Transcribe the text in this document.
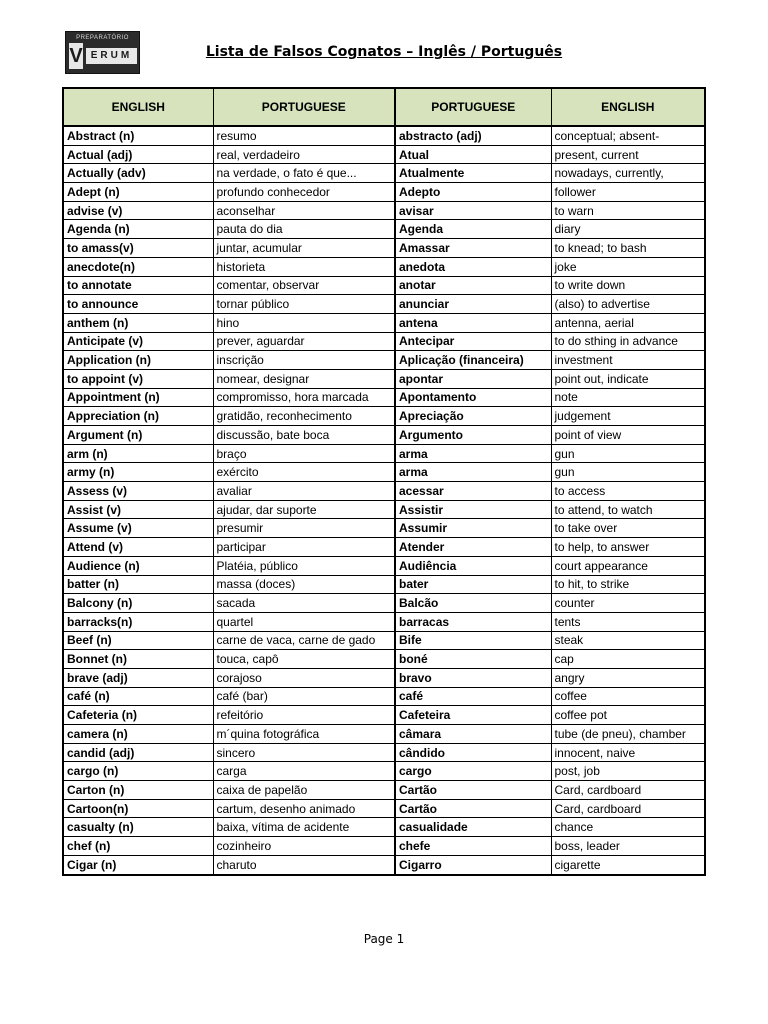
PREPARATÓRIO
V ERUM	Lista de Falsos Cognatos – Inglês / Português
ENGLISH	PORTUGUESE	PORTUGUESE	ENGLISH
Abstract (n)	resumo	abstracto (adj)	conceptual; absent-
Actual (adj)	real, verdadeiro	Atual	present, current
Actually (adv)	na verdade, o fato é que...	Atualmente	nowadays, currently,
Adept (n)	profundo conhecedor	Adepto	follower
advise (v)	aconselhar	avisar	to warn
Agenda (n)	pauta do dia	Agenda	diary
to amass(v)	juntar, acumular	Amassar	to knead; to bash
anecdote(n)	historieta	anedota	joke
to annotate	comentar, observar	anotar	to write down
to announce	tornar público	anunciar	(also) to advertise
anthem (n)	hino	antena	antenna, aerial
Anticipate (v)	prever, aguardar	Antecipar	to do sthing in advance
Application (n)	inscrição	Aplicação (financeira)	investment
to appoint (v)	nomear, designar	apontar	point out, indicate
Appointment (n)	compromisso, hora marcada	Apontamento	note
Appreciation (n)	gratidão, reconhecimento	Apreciação	judgement
Argument (n)	discussão, bate boca	Argumento	point of view
arm (n)	braço	arma	gun
army (n)	exército	arma	gun
Assess (v)	avaliar	acessar	to access
Assist (v)	ajudar, dar suporte	Assistir	to attend, to watch
Assume (v)	presumir	Assumir	to take over
Attend (v)	participar	Atender	to help, to answer
Audience (n)	Platéia, público	Audiência	court appearance
batter (n)	massa (doces)	bater	to hit, to strike
Balcony (n)	sacada	Balcão	counter
barracks(n)	quartel	barracas	tents
Beef (n)	carne de vaca, carne de gado	Bife	steak
Bonnet (n)	touca, capô	boné	cap
brave (adj)	corajoso	bravo	angry
café (n)	café (bar)	café	coffee
Cafeteria (n)	refeitório	Cafeteira	coffee pot
camera (n)	m´quina fotográfica	câmara	tube (de pneu), chamber
candid (adj)	sincero	cândido	innocent, naive
cargo (n)	carga	cargo	post, job
Carton (n)	caixa de papelão	Cartão	Card, cardboard
Cartoon(n)	cartum, desenho animado	Cartão	Card, cardboard
casualty (n)	baixa, vítima de acidente	casualidade	chance
chef (n)	cozinheiro	chefe	boss, leader
Cigar (n)	charuto	Cigarro	cigarette
Page 1
